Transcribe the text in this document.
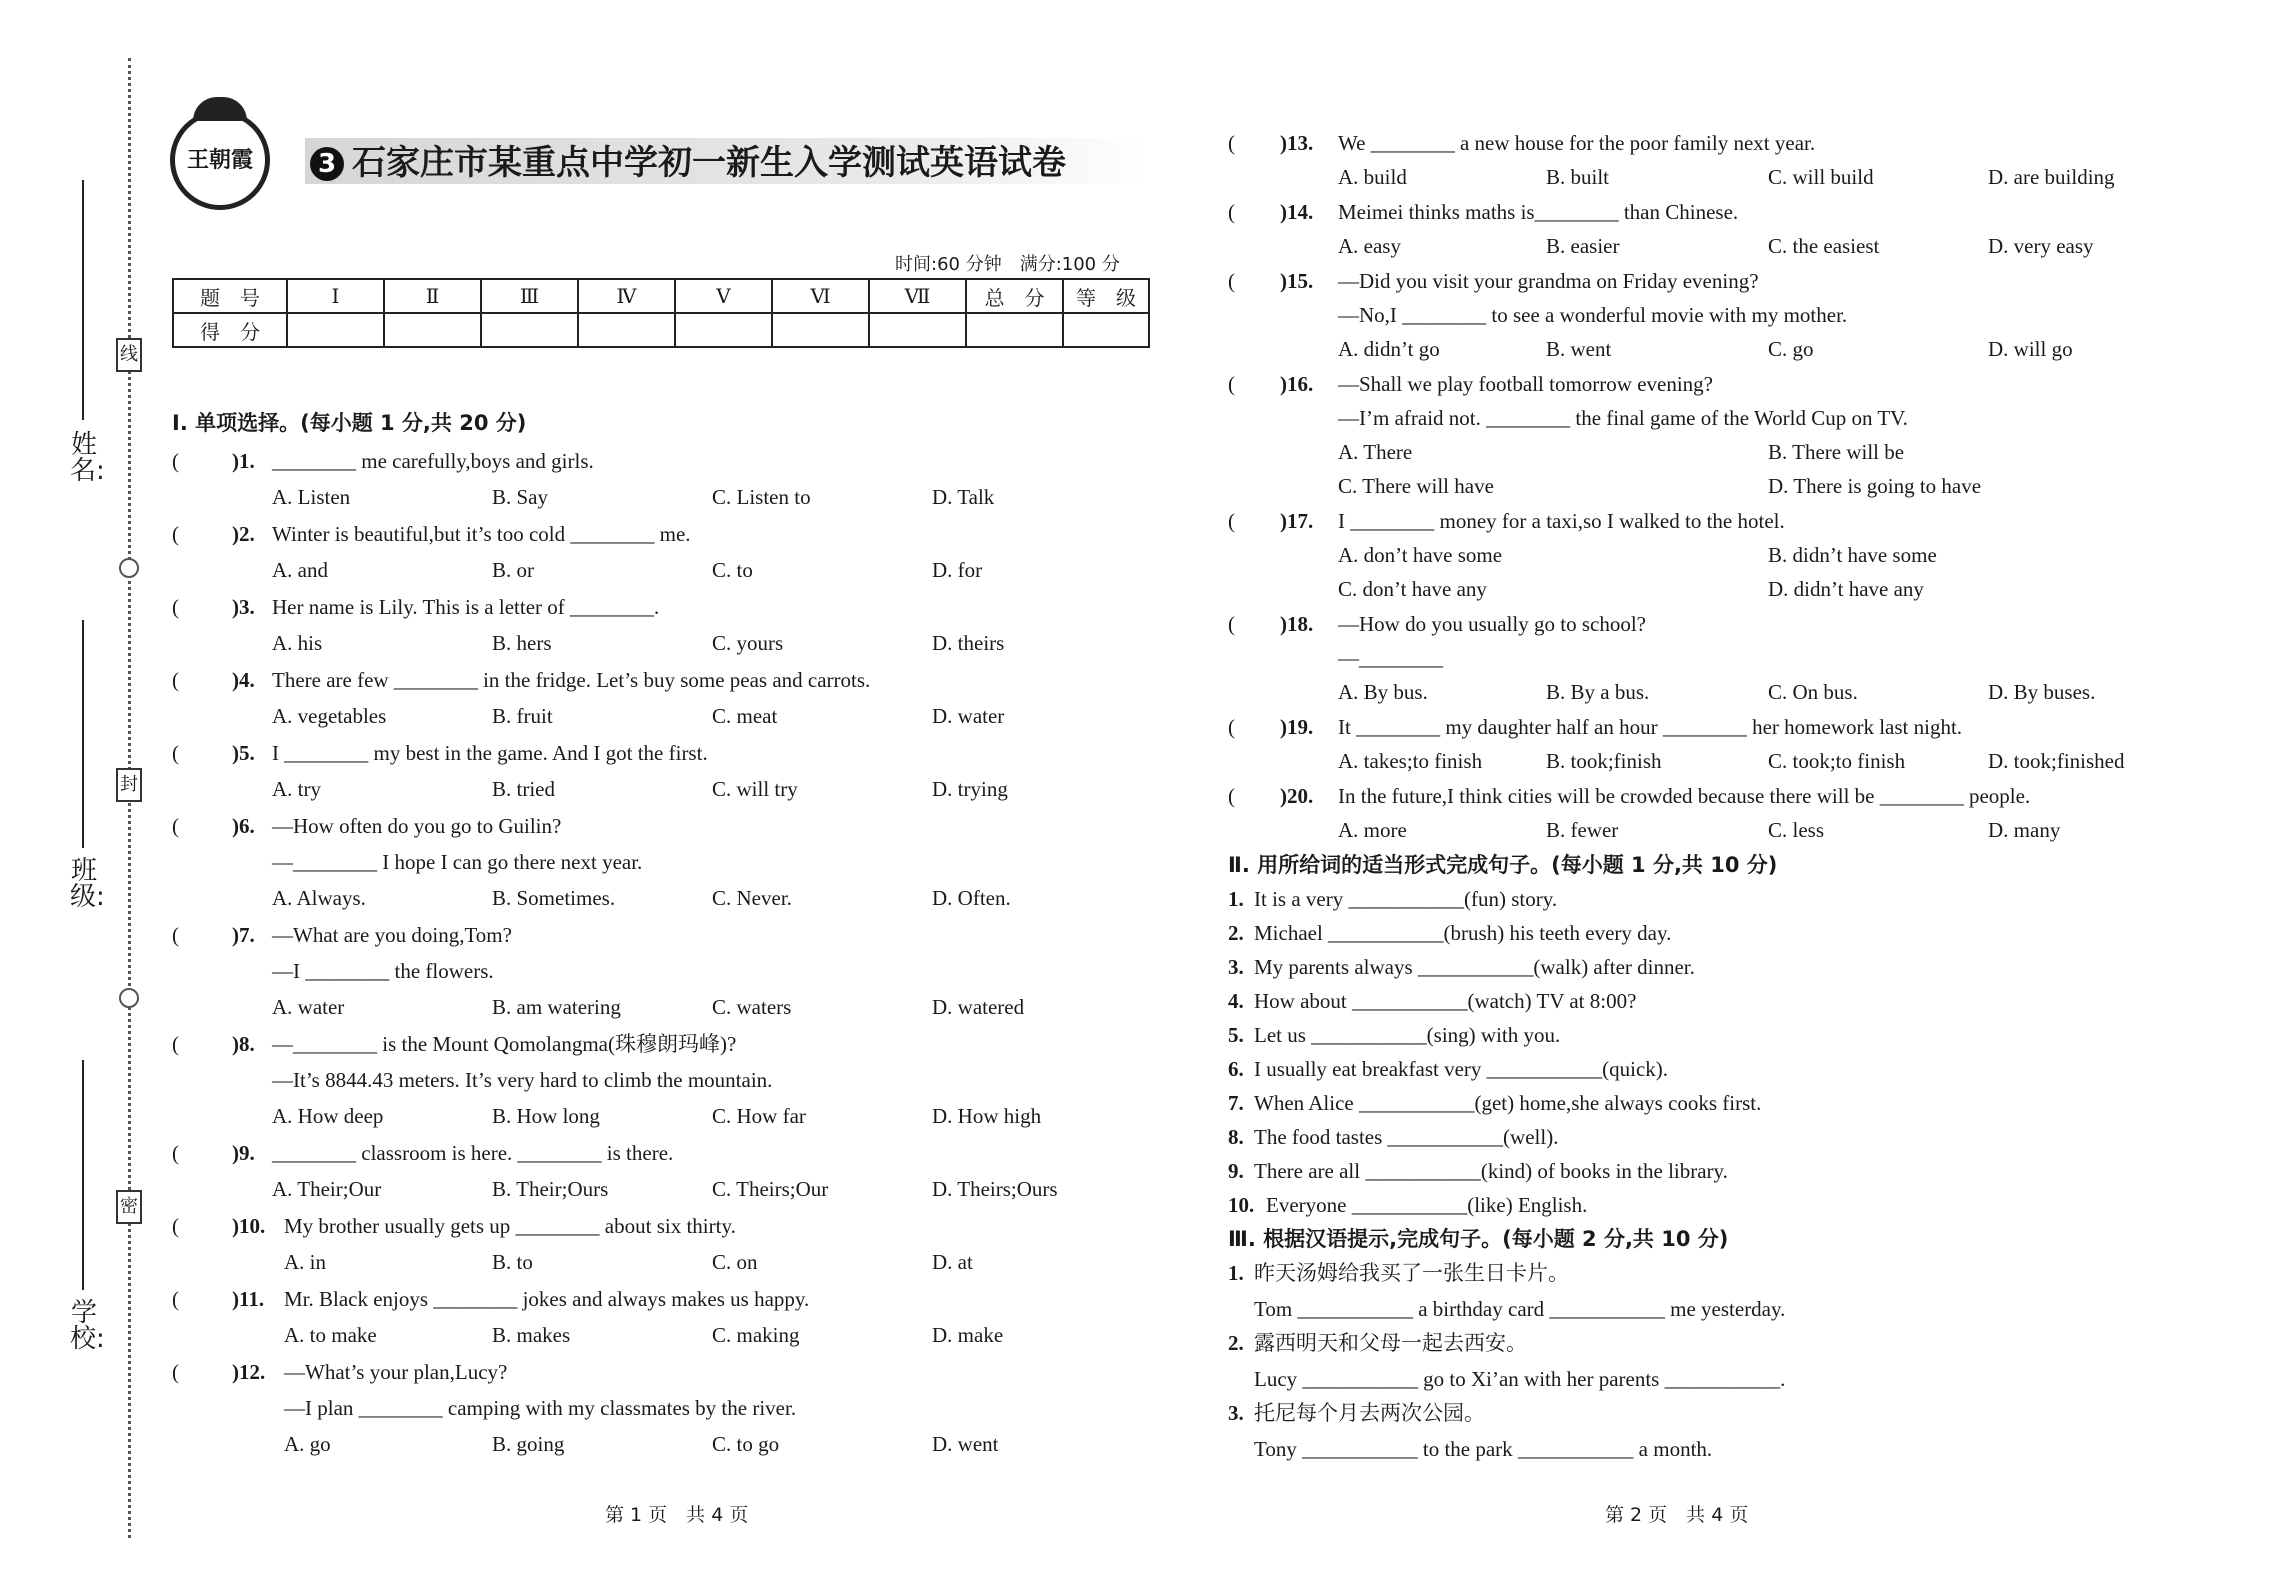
姓　名:
班　级:
学　校:
线
封
密
王朝霞	3 石家庄市某重点中学初一新生入学测试英语试卷
时间:60 分钟　满分:100 分
题　号	Ⅰ	Ⅱ	Ⅲ	Ⅳ	Ⅴ	Ⅵ	Ⅶ	总　分	等　级
得　分									
Ⅰ. 单项选择。(每小题 1 分,共 20 分)
(	)1. ________ me carefully,boys and girls.
A. Listen	B. Say	C. Listen to	D. Talk
(	)2. Winter is beautiful,but it’s too cold ________ me.
A. and	B. or	C. to	D. for
(	)3. Her name is Lily. This is a letter of ________.
A. his	B. hers	C. yours	D. theirs
(	)4. There are few ________ in the fridge. Let’s buy some peas and carrots.
A. vegetables	B. fruit	C. meat	D. water
(	)5. I ________ my best in the game. And I got the first.
A. try	B. tried	C. will try	D. trying
(	)6. —How often do you go to Guilin?
—________ I hope I can go there next year.
A. Always.	B. Sometimes.	C. Never.	D. Often.
(	)7. —What are you doing,Tom?
—I ________ the flowers.
A. water	B. am watering	C. waters	D. watered
(	)8. —________ is the Mount Qomolangma(珠穆朗玛峰)?
—It’s 8844.43 meters. It’s very hard to climb the mountain.
A. How deep	B. How long	C. How far	D. How high
(	)9. ________ classroom is here. ________ is there.
A. Their;Our	B. Their;Ours	C. Theirs;Our	D. Theirs;Ours
(	)10. My brother usually gets up ________ about six thirty.
A. in	B. to	C. on	D. at
(	)11. Mr. Black enjoys ________ jokes and always makes us happy.
A. to make	B. makes	C. making	D. make
(	)12. —What’s your plan,Lucy?
—I plan ________ camping with my classmates by the river.
A. go	B. going	C. to go	D. went
第 1 页　共 4 页
( )13. We ________ a new house for the poor family next year.
A. build	B. built	C. will build	D. are building
( )14. Meimei thinks maths is________ than Chinese.
A. easy	B. easier	C. the easiest	D. very easy
( )15. —Did you visit your grandma on Friday evening?
—No,I ________ to see a wonderful movie with my mother.
A. didn’t go	B. went	C. go	D. will go
( )16. —Shall we play football tomorrow evening?
—I’m afraid not. ________ the final game of the World Cup on TV.
A. There	B. There will be
C. There will have	D. There is going to have
( )17. I ________ money for a taxi,so I walked to the hotel.
A. don’t have some	B. didn’t have some
C. don’t have any	D. didn’t have any
( )18. —How do you usually go to school?
—________
A. By bus.	B. By a bus.	C. On bus.	D. By buses.
( )19. It ________ my daughter half an hour ________ her homework last night.
A. takes;to finish	B. took;finish	C. took;to finish	D. took;finished
( )20. In the future,I think cities will be crowded because there will be ________ people.
A. more	B. fewer	C. less	D. many
Ⅱ. 用所给词的适当形式完成句子。(每小题 1 分,共 10 分)
1. It is a very ___________(fun) story.
2. Michael ___________(brush) his teeth every day.
3. My parents always ___________(walk) after dinner.
4. How about ___________(watch) TV at 8:00?
5. Let us ___________(sing) with you.
6. I usually eat breakfast very ___________(quick).
7. When Alice ___________(get) home,she always cooks first.
8. The food tastes ___________(well).
9. There are all ___________(kind) of books in the library.
10. Everyone ___________(like) English.
Ⅲ. 根据汉语提示,完成句子。(每小题 2 分,共 10 分)
1. 昨天汤姆给我买了一张生日卡片。
Tom ___________ a birthday card ___________ me yesterday.
2. 露西明天和父母一起去西安。
Lucy ___________ go to Xi’an with her parents ___________.
3. 托尼每个月去两次公园。
Tony ___________ to the park ___________ a month.
第 2 页　共 4 页
